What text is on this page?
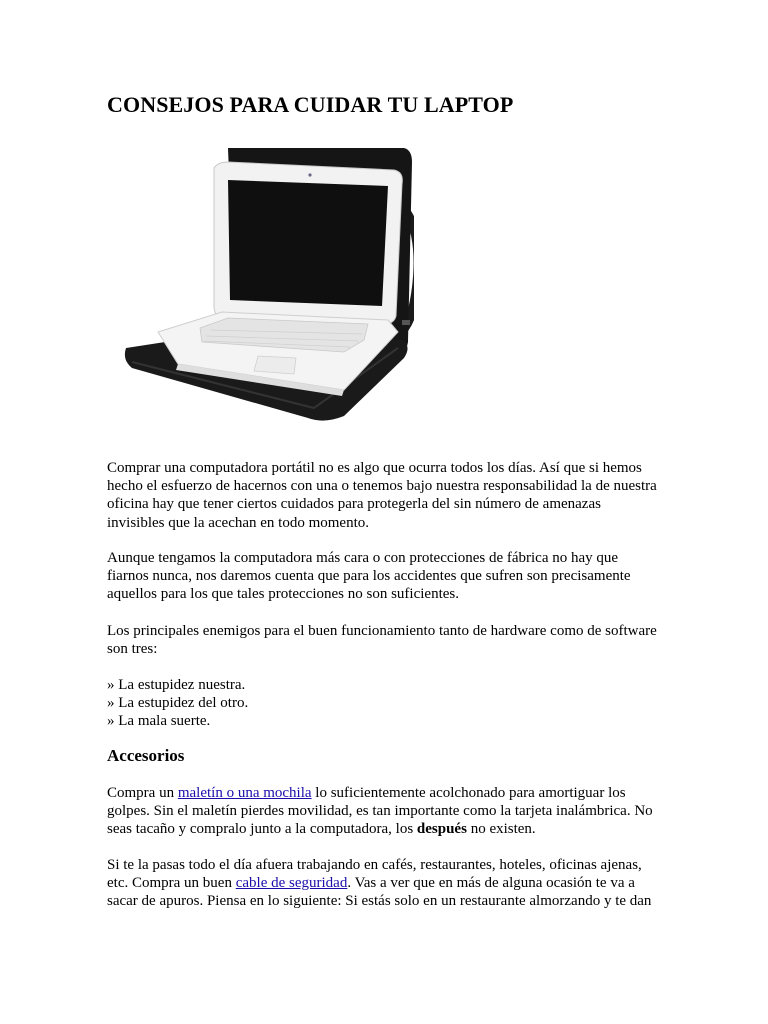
CONSEJOS PARA CUIDAR TU LAPTOP

Comprar una computadora portátil no es algo que ocurra todos los días. Así que si hemos
hecho el esfuerzo de hacernos con una o tenemos bajo nuestra responsabilidad la de nuestra
oficina hay que tener ciertos cuidados para protegerla del sin número de amenazas
invisibles que la acechan en todo momento.

Aunque tengamos la computadora más cara o con protecciones de fábrica no hay que
fiarnos nunca, nos daremos cuenta que para los accidentes que sufren son precisamente
aquellos para los que tales protecciones no son suficientes.

Los principales enemigos para el buen funcionamiento tanto de hardware como de software
son tres:

» La estupidez nuestra.
» La estupidez del otro.
» La mala suerte.

Accesorios

Compra un maletín o una mochila lo suficientemente acolchonado para amortiguar los
golpes. Sin el maletín pierdes movilidad, es tan importante como la tarjeta inalámbrica. No
seas tacaño y compralo junto a la computadora, los después no existen.

Si te la pasas todo el día afuera trabajando en cafés, restaurantes, hoteles, oficinas ajenas,
etc. Compra un buen cable de seguridad. Vas a ver que en más de alguna ocasión te va a
sacar de apuros. Piensa en lo siguiente: Si estás solo en un restaurante almorzando y te dan
